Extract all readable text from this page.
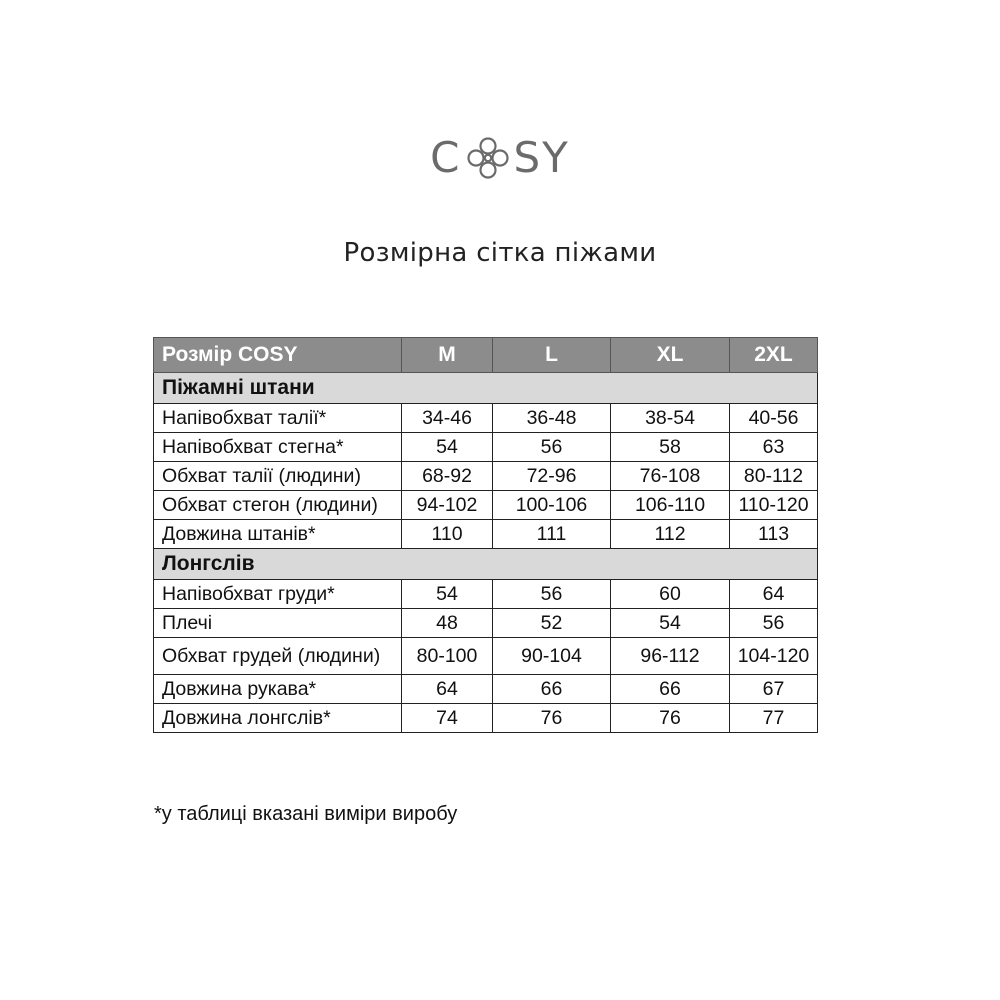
C SY
Розмірна сітка піжами
Розмір COSY	M	L	XL	2XL
Піжамні штани				
Напівобхват талії*	34-46	36-48	38-54	40-56
Напівобхват стегна*	54	56	58	63
Обхват талії (людини)	68-92	72-96	76-108	80-112
Обхват стегон (людини)	94-102	100-106	106-110	110-120
Довжина штанів*	110	111	112	113
Лонгслів				
Напівобхват груди*	54	56	60	64
Плечі	48	52	54	56
Обхват грудей (людини)	80-100	90-104	96-112	104-120
Довжина рукава*	64	66	66	67
Довжина лонгслів*	74	76	76	77
*у таблиці вказані виміри виробу
